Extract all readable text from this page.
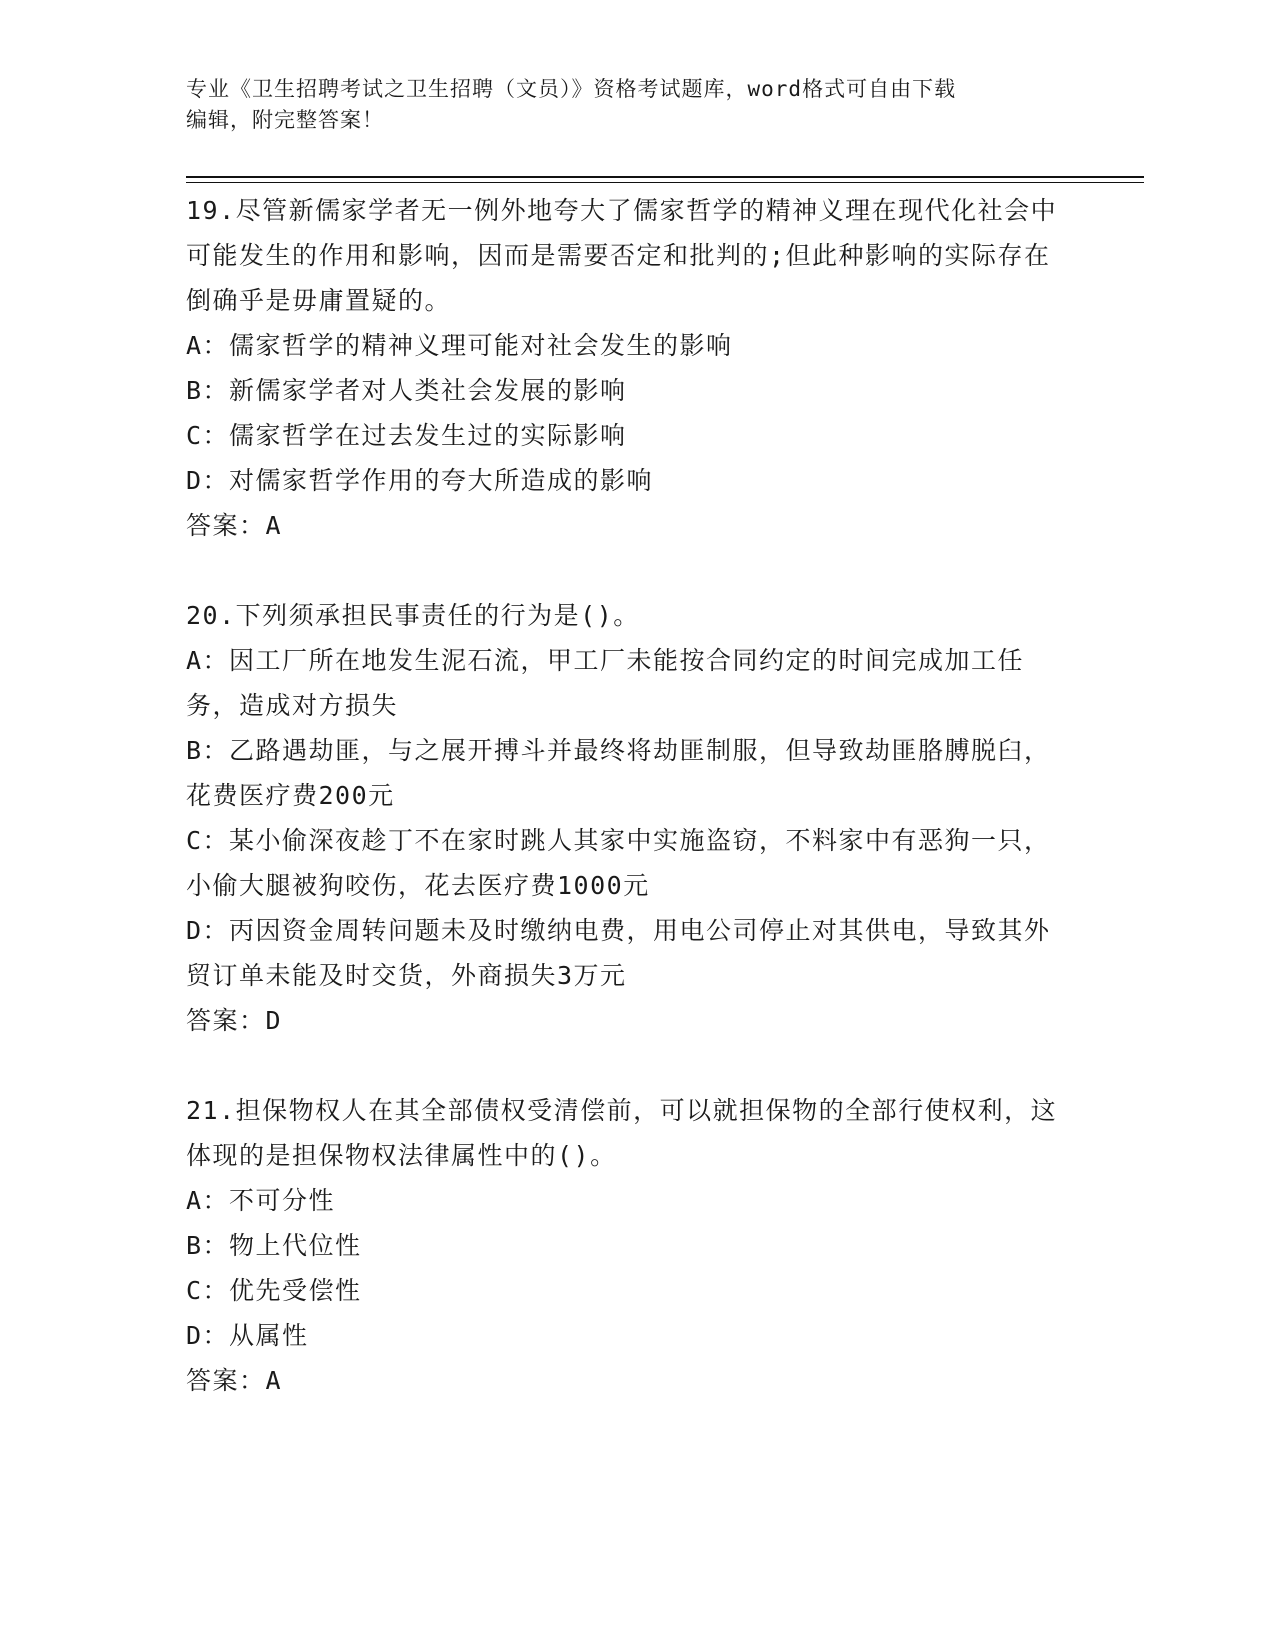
专业《卫生招聘考试之卫生招聘（文员）》资格考试题库，word格式可自由下载
编辑，附完整答案！

19.尽管新儒家学者无一例外地夸大了儒家哲学的精神义理在现代化社会中可能发生的作用和影响，因而是需要否定和批判的;但此种影响的实际存在倒确乎是毋庸置疑的。

A：儒家哲学的精神义理可能对社会发生的影响

B：新儒家学者对人类社会发展的影响

C：儒家哲学在过去发生过的实际影响

D：对儒家哲学作用的夸大所造成的影响

答案：A

20.下列须承担民事责任的行为是()。

A：因工厂所在地发生泥石流，甲工厂未能按合同约定的时间完成加工任务，造成对方损失

B：乙路遇劫匪，与之展开搏斗并最终将劫匪制服，但导致劫匪胳膊脱臼，花费医疗费200元

C：某小偷深夜趁丁不在家时跳人其家中实施盗窃，不料家中有恶狗一只，小偷大腿被狗咬伤，花去医疗费1000元

D：丙因资金周转问题未及时缴纳电费，用电公司停止对其供电，导致其外贸订单未能及时交货，外商损失3万元

答案：D

21.担保物权人在其全部债权受清偿前，可以就担保物的全部行使权利，这体现的是担保物权法律属性中的()。

A：不可分性

B：物上代位性

C：优先受偿性

D：从属性

答案：A
